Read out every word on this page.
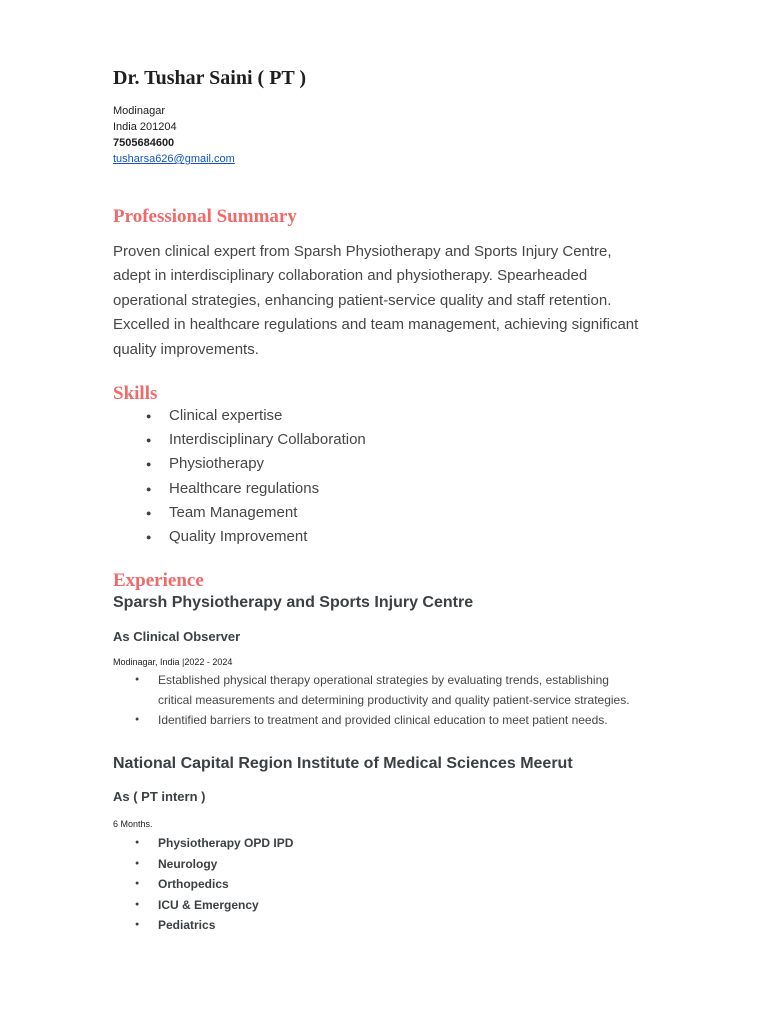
Dr. Tushar Saini ( PT )
Modinagar
India 201204
7505684600
tusharsa626@gmail.com
Professional Summary

Proven clinical expert from Sparsh Physiotherapy and Sports Injury Centre,

adept in interdisciplinary collaboration and physiotherapy. Spearheaded

operational strategies, enhancing patient-service quality and staff retention.

Excelled in healthcare regulations and team management, achieving significant

quality improvements.

Skills
● Clinical expertise
● Interdisciplinary Collaboration
● Physiotherapy
● Healthcare regulations
● Team Management
● Quality Improvement
Experience
Sparsh Physiotherapy and Sports Injury Centre
As Clinical Observer
Modinagar, India |2022 - 2024
● Established physical therapy operational strategies by evaluating trends, establishing
critical measurements and determining productivity and quality patient-service strategies.
● Identified barriers to treatment and provided clinical education to meet patient needs.
National Capital Region Institute of Medical Sciences Meerut
As ( PT intern )
6 Months.
● Physiotherapy OPD IPD
● Neurology
● Orthopedics
● ICU & Emergency
● Pediatrics
